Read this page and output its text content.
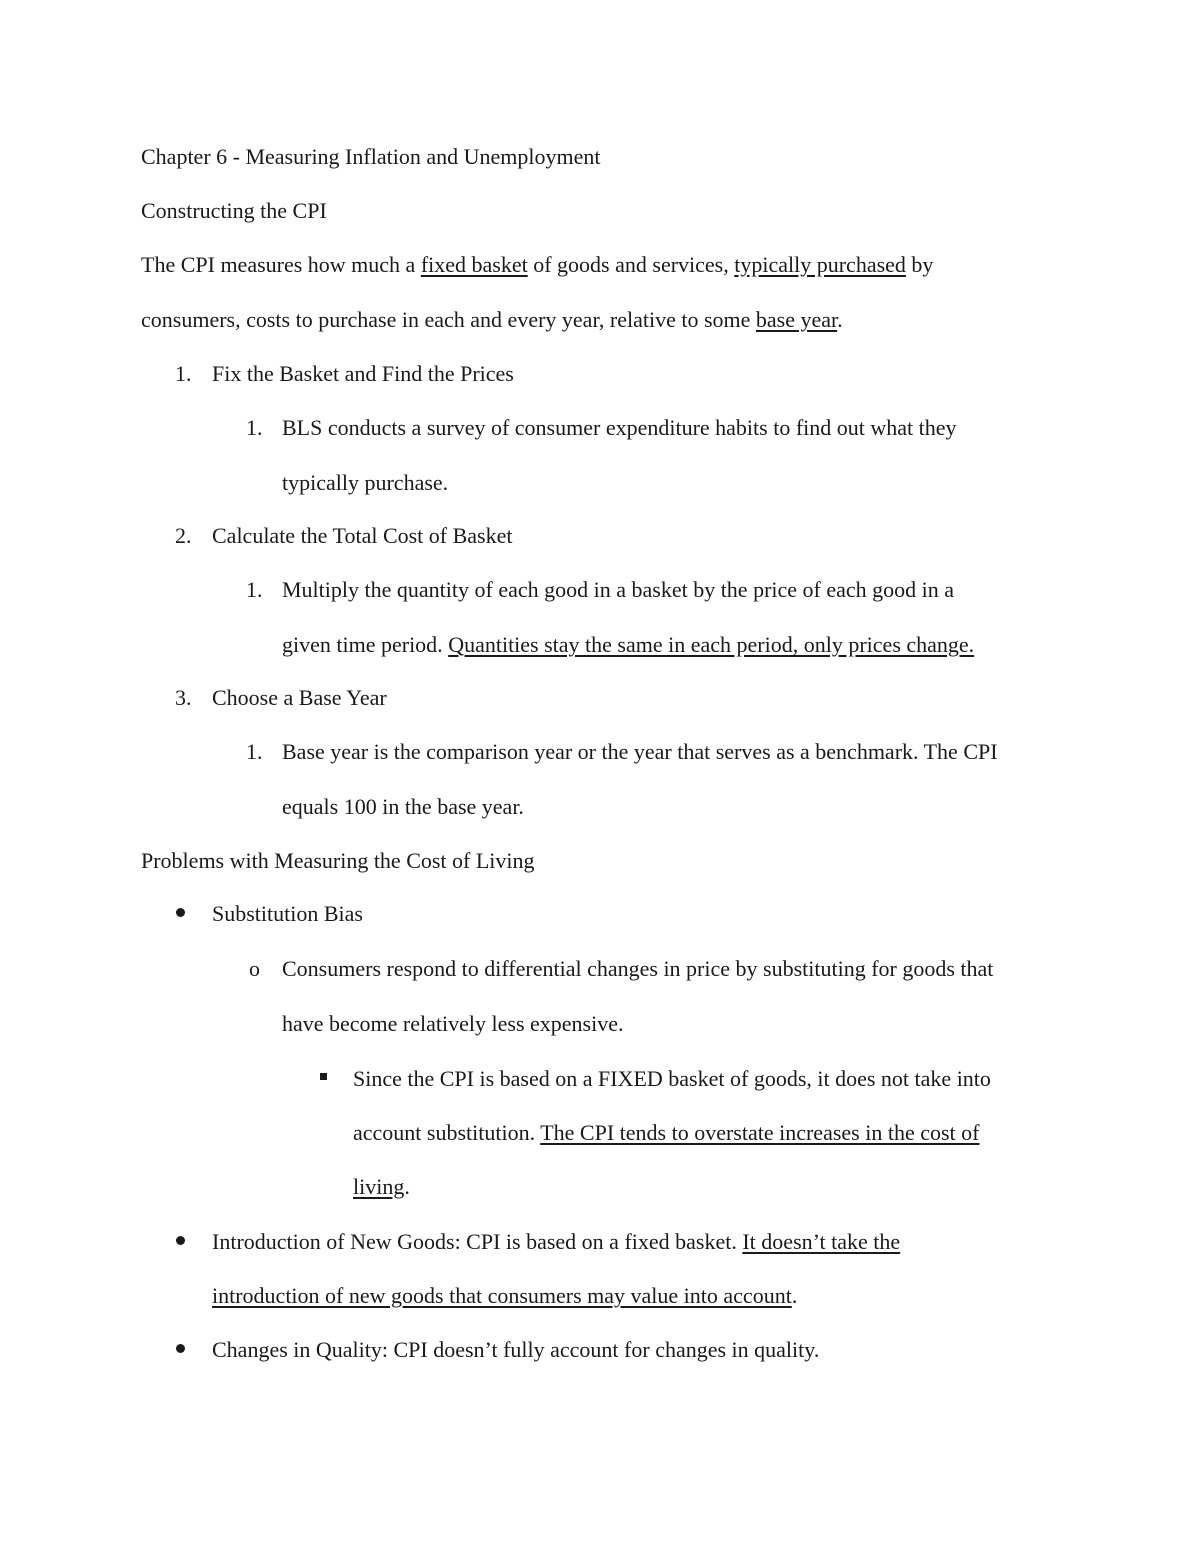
Chapter 6 - Measuring Inflation and Unemployment
Constructing the CPI
The CPI measures how much a fixed basket of goods and services, typically purchased by
consumers, costs to purchase in each and every year, relative to some base year.
1. Fix the Basket and Find the Prices
1. BLS conducts a survey of consumer expenditure habits to find out what they
typically purchase.
2. Calculate the Total Cost of Basket
1. Multiply the quantity of each good in a basket by the price of each good in a
given time period. Quantities stay the same in each period, only prices change.
3. Choose a Base Year
1. Base year is the comparison year or the year that serves as a benchmark. The CPI
equals 100 in the base year.
Problems with Measuring the Cost of Living
Substitution Bias
o Consumers respond to differential changes in price by substituting for goods that
have become relatively less expensive.
Since the CPI is based on a FIXED basket of goods, it does not take into
account substitution. The CPI tends to overstate increases in the cost of
living.
Introduction of New Goods: CPI is based on a fixed basket. It doesn’t take the
introduction of new goods that consumers may value into account.
Changes in Quality: CPI doesn’t fully account for changes in quality.
